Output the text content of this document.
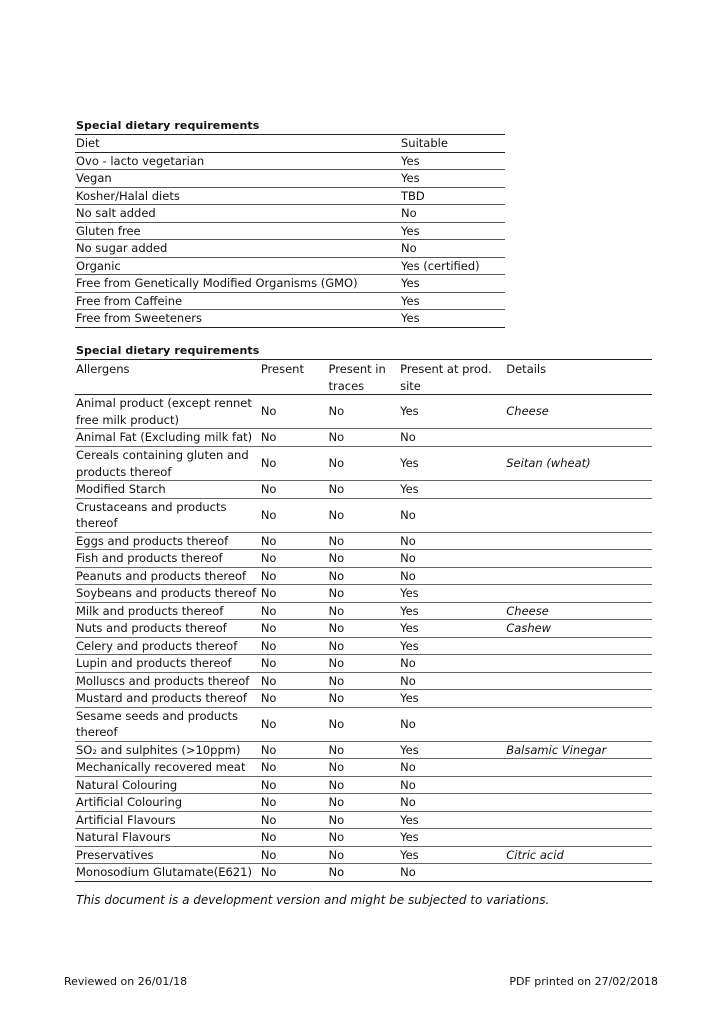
Special dietary requirements
Diet	Suitable
Ovo - lacto vegetarian	Yes
Vegan	Yes
Kosher/Halal diets	TBD
No salt added	No
Gluten free	Yes
No sugar added	No
Organic	Yes (certified)
Free from Genetically Modified Organisms (GMO)	Yes
Free from Caffeine	Yes
Free from Sweeteners	Yes
Special dietary requirements
Allergens	Present	Present in traces	Present at prod. site	Details
Animal product (except rennet free milk product)	No	No	Yes	Cheese
Animal Fat (Excluding milk fat)	No	No	No	
Cereals containing gluten and products thereof	No	No	Yes	Seitan (wheat)
Modified Starch	No	No	Yes	
Crustaceans and products thereof	No	No	No	
Eggs and products thereof	No	No	No	
Fish and products thereof	No	No	No	
Peanuts and products thereof	No	No	No	
Soybeans and products thereof	No	No	Yes	
Milk and products thereof	No	No	Yes	Cheese
Nuts and products thereof	No	No	Yes	Cashew
Celery and products thereof	No	No	Yes	
Lupin and products thereof	No	No	No	
Molluscs and products thereof	No	No	No	
Mustard and products thereof	No	No	Yes	
Sesame seeds and products thereof	No	No	No	
SO₂ and sulphites (>10ppm)	No	No	Yes	Balsamic Vinegar
Mechanically recovered meat	No	No	No	
Natural Colouring	No	No	No	
Artificial Colouring	No	No	No	
Artificial Flavours	No	No	Yes	
Natural Flavours	No	No	Yes	
Preservatives	No	No	Yes	Citric acid
Monosodium Glutamate(E621)	No	No	No	
This document is a development version and might be subjected to variations.
Reviewed on 26/01/18	PDF printed on 27/02/2018
